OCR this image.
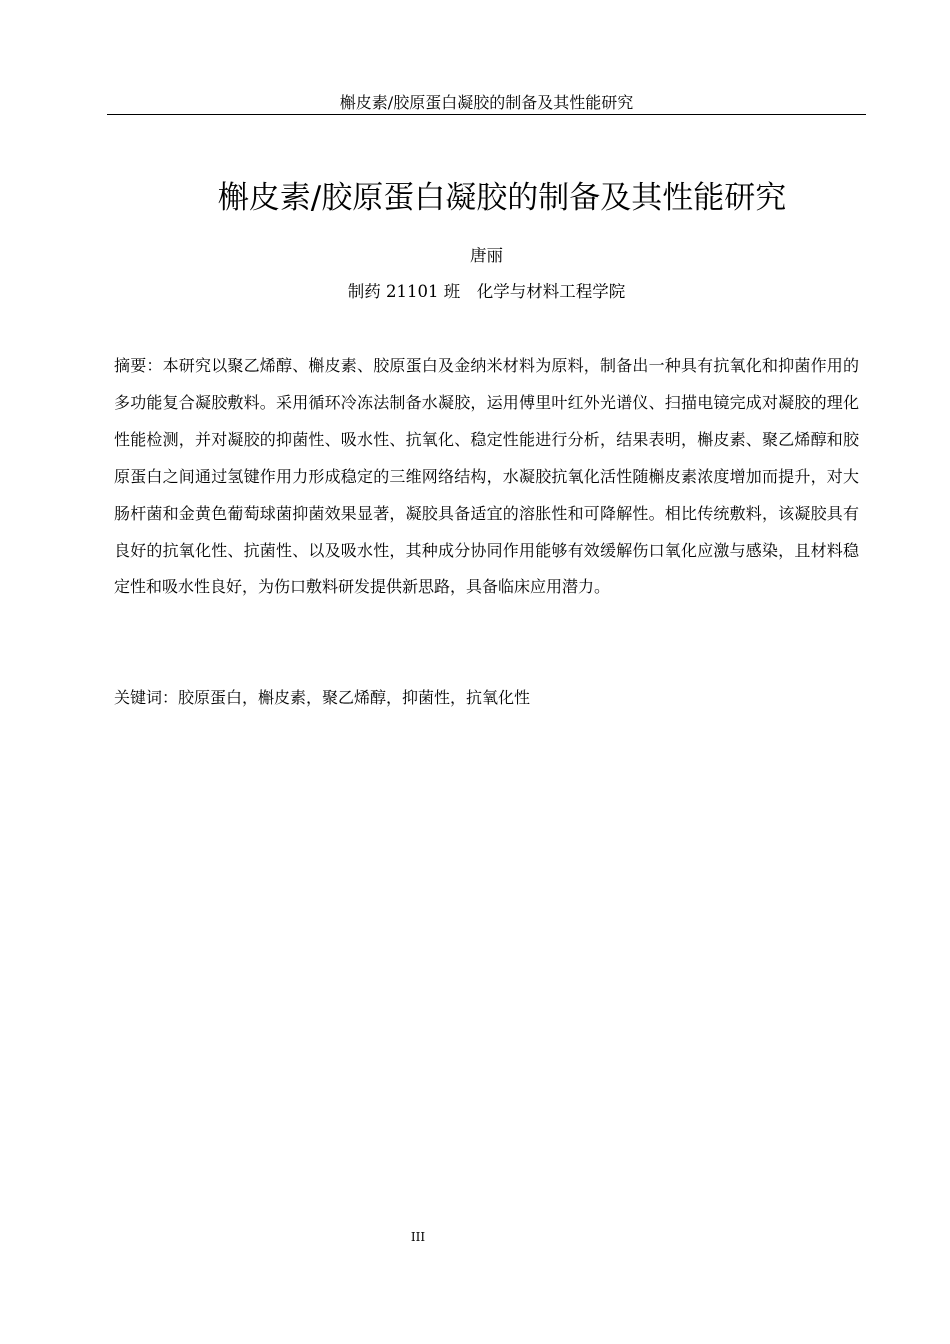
槲皮素/胶原蛋白凝胶的制备及其性能研究
槲皮素/胶原蛋白凝胶的制备及其性能研究
唐丽
制药 21101 班　化学与材料工程学院

摘要：本研究以聚乙烯醇、槲皮素、胶原蛋白及金纳米材料为原料，制备出一种具有抗氧化和抑菌作用的多功能复合凝胶敷料。采用循环冷冻法制备水凝胶，运用傅里叶红外光谱仪、扫描电镜完成对凝胶的理化性能检测，并对凝胶的抑菌性、吸水性、抗氧化、稳定性能进行分析，结果表明，槲皮素、聚乙烯醇和胶原蛋白之间通过氢键作用力形成稳定的三维网络结构，水凝胶抗氧化活性随槲皮素浓度增加而提升，对大肠杆菌和金黄色葡萄球菌抑菌效果显著，凝胶具备适宜的溶胀性和可降解性。相比传统敷料，该凝胶具有良好的抗氧化性、抗菌性、以及吸水性，其种成分协同作用能够有效缓解伤口氧化应激与感染，且材料稳定性和吸水性良好，为伤口敷料研发提供新思路，具备临床应用潜力。

关键词：胶原蛋白，槲皮素，聚乙烯醇，抑菌性，抗氧化性

III
